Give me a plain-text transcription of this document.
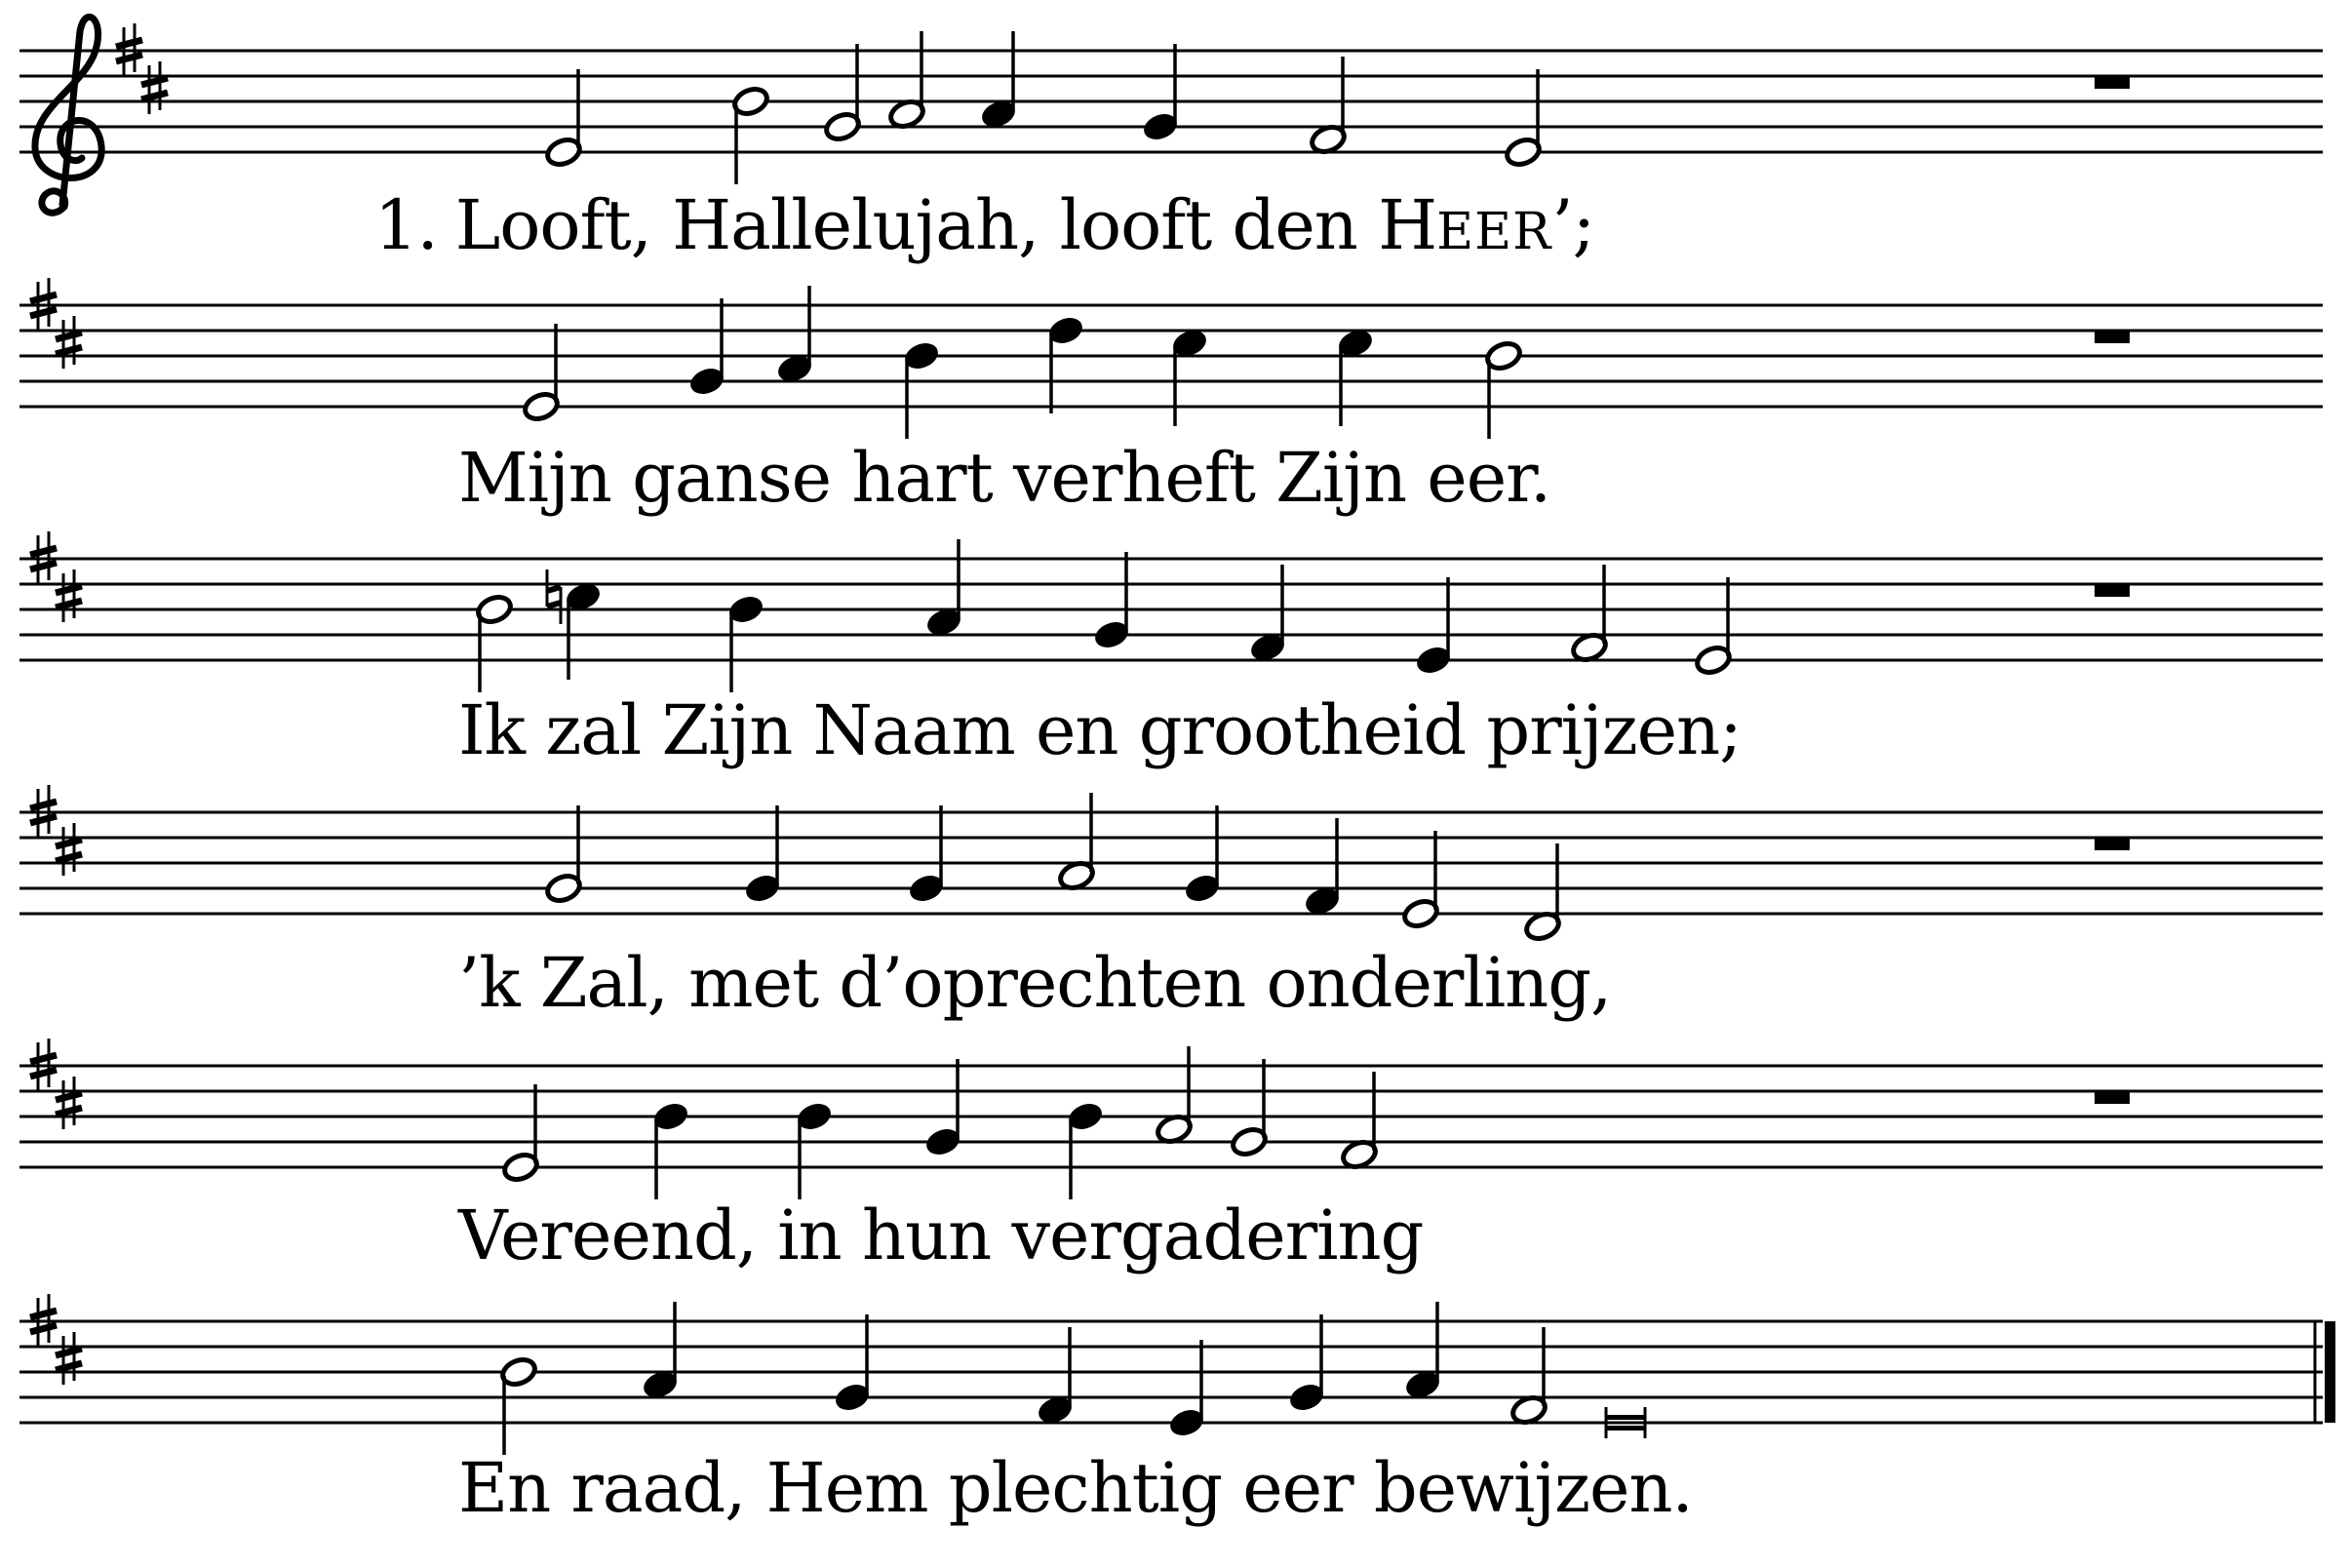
1. Looft, Hallelujah, looft den HEER’;
Mijn ganse hart verheft Zijn eer.
Ik zal Zijn Naam en grootheid prijzen;
’k Zal, met d’oprechten onderling,
Vereend, in hun vergadering
En raad, Hem plechtig eer bewijzen.
